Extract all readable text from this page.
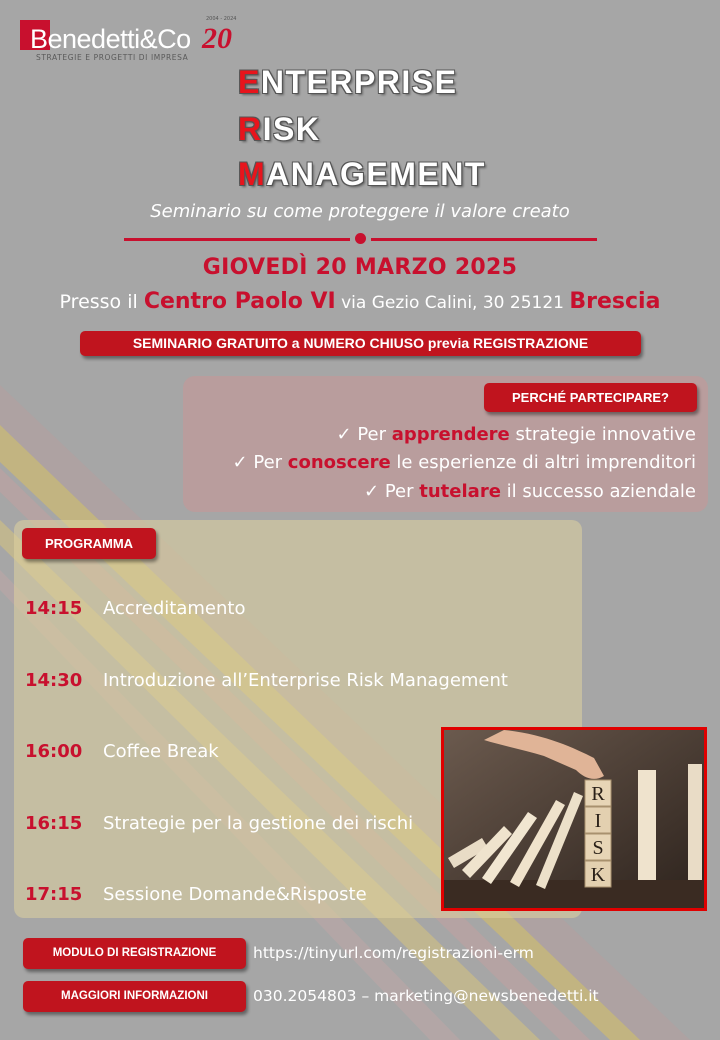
Benedetti&Co
STRATEGIE E PROGETTI DI IMPRESA
2004 - 2024
20
ENTERPRISE
RISK
MANAGEMENT
Seminario su come proteggere il valore creato
GIOVEDÌ 20 MARZO 2025
Presso il Centro Paolo VI via Gezio Calini, 30 25121 Brescia
SEMINARIO GRATUITO a NUMERO CHIUSO previa REGISTRAZIONE
PERCHÉ PARTECIPARE?
✓ Per apprendere strategie innovative
✓ Per conoscere le esperienze di altri imprenditori
✓ Per tutelare il successo aziendale
PROGRAMMA
14:15 Accreditamento
14:30 Introduzione all’Enterprise Risk Management
16:00 Coffee Break
16:15 Strategie per la gestione dei rischi
17:15 Sessione Domande&Risposte
R
I
S
K
MODULO DI REGISTRAZIONE	https://tinyurl.com/registrazioni-erm
MAGGIORI INFORMAZIONI	030.2054803 – marketing@newsbenedetti.it
